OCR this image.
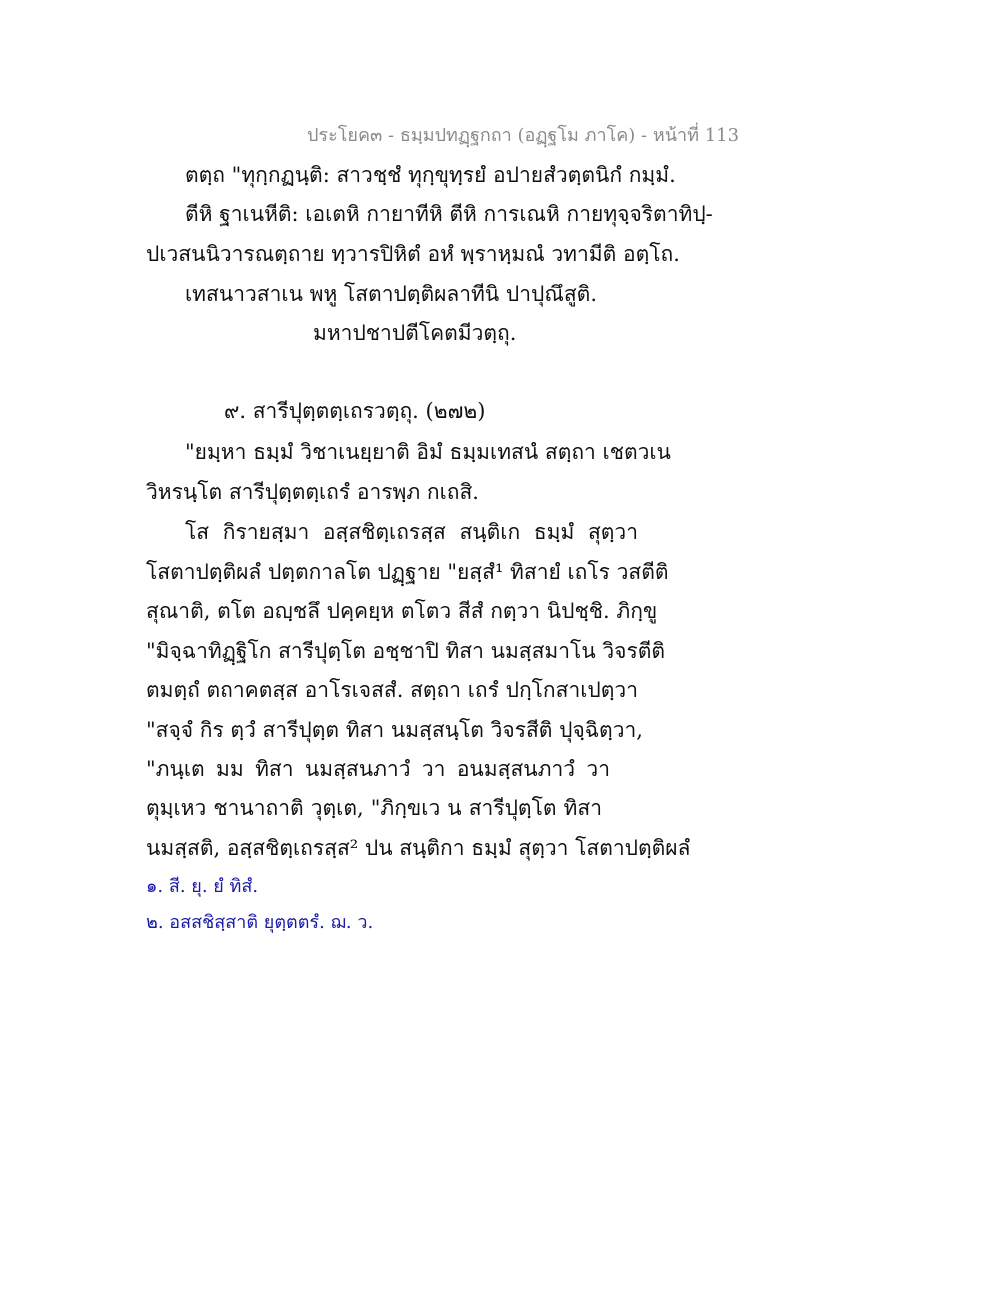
ประโยค๓ - ธมฺมปทฏฺฐกถา (อฏฺฐโม ภาโค) - หน้าที่ 113
ตตฺถ "ทุกฺกฏนฺติ: สาวชฺชํ ทุกฺขุทฺรยํ อปายสํวตฺตนิกํ กมฺมํ.
ตีหิ ฐาเนหีติ: เอเตหิ กายาทีหิ ตีหิ การเณหิ กายทุจฺจริตาทิปฺ-
ปเวสนนิวารณตฺถาย ทฺวารปิหิตํ อหํ พฺราหฺมณํ วทามีติ อตฺโถ.
เทสนาวสาเน พหู โสตาปตฺติผลาทีนิ ปาปุณึสูติ.
มหาปชาปตีโคตมีวตฺถุ.
๙. สารีปุตฺตตฺเถรวตฺถุ. (๒๗๒)
"ยมฺหา ธมฺมํ วิชาเนยฺยาติ อิมํ ธมฺมเทสนํ สตฺถา เชตวเน
วิหรนฺโต สารีปุตฺตตฺเถรํ อารพฺภ กเถสิ.
โส กิรายสฺมา อสฺสชิตฺเถรสฺส สนฺติเก ธมฺมํ สุตฺวา
โสตาปตฺติผลํ ปตฺตกาลโต ปฏฺฐาย "ยสฺสํ¹ ทิสายํ เถโร วสตีติ
สุณาติ, ตโต อญฺชลึ ปคฺคยฺห ตโตว สีสํ กตฺวา นิปชฺชิ. ภิกฺขู
"มิจฺฉาทิฏฺฐิโก สารีปุตฺโต อชฺชาปิ ทิสา นมสฺสมาโน วิจรตีติ
ตมตฺถํ ตถาคตสฺส อาโรเจสสํ. สตฺถา เถรํ ปกฺโกสาเปตฺวา
"สจฺจํ กิร ตฺวํ สารีปุตฺต ทิสา นมสฺสนฺโต วิจรสีติ ปุจฺฉิตฺวา,
"ภนฺเต มม ทิสา นมสฺสนภาวํ วา อนมสฺสนภาวํ วา
ตุมฺเหว ชานาถาติ วุตฺเต, "ภิกฺขเว น สารีปุตฺโต ทิสา
นมสฺสติ, อสฺสชิตฺเถรสฺส² ปน สนฺติกา ธมฺมํ สุตฺวา โสตาปตฺติผลํ
๑. สี. ยุ. ยํ ทิสํ.
๒. อสสชิสฺสาติ ยุตฺตตรํ. ฌ. ว.
